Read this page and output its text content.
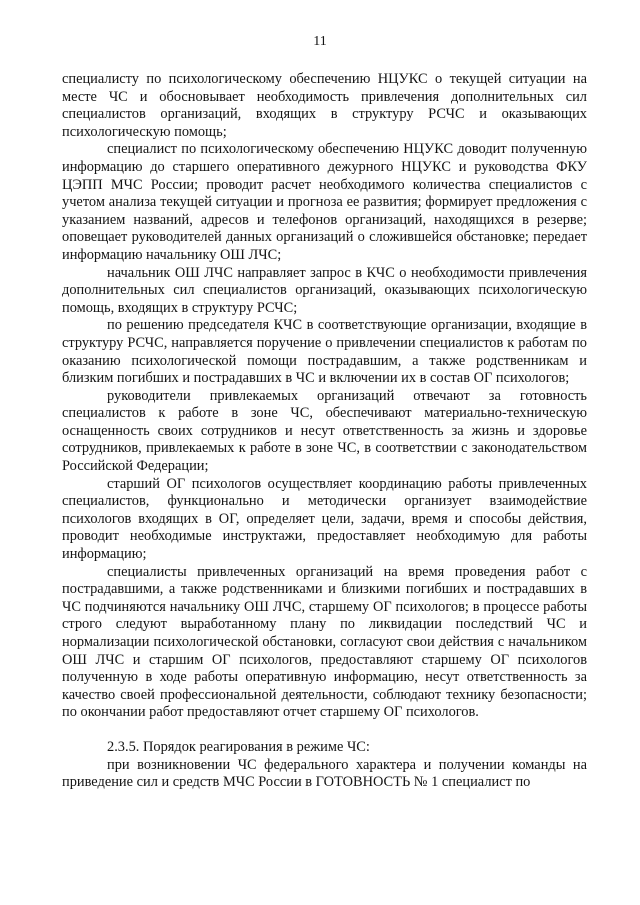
11

специалисту по психологическому обеспечению НЦУКС о текущей ситуации на месте ЧС и обосновывает необходимость привлечения дополнительных сил специалистов организаций, входящих в структуру РСЧС и оказывающих психологическую помощь;

специалист по психологическому обеспечению НЦУКС доводит полученную информацию до старшего оперативного дежурного НЦУКС и руководства ФКУ ЦЭПП МЧС России; проводит расчет необходимого количества специалистов с учетом анализа текущей ситуации и прогноза ее развития; формирует предложения с указанием названий, адресов и телефонов организаций, находящихся в резерве; оповещает руководителей данных организаций о сложившейся обстановке; передает информацию начальнику ОШ ЛЧС;

начальник ОШ ЛЧС направляет запрос в КЧС о необходимости привлечения дополнительных сил специалистов организаций, оказывающих психологическую помощь, входящих в структуру РСЧС;

по решению председателя КЧС в соответствующие организации, входящие в структуру РСЧС, направляется поручение о привлечении специалистов к работам по оказанию психологической помощи пострадавшим, а также родственникам и близким погибших и пострадавших в ЧС и включении их в состав ОГ психологов;

руководители привлекаемых организаций отвечают за готовность специалистов к работе в зоне ЧС, обеспечивают материально-техническую оснащенность своих сотрудников и несут ответственность за жизнь и здоровье сотрудников, привлекаемых к работе в зоне ЧС, в соответствии с законодательством Российской Федерации;

старший ОГ психологов осуществляет координацию работы привлеченных специалистов, функционально и методически организует взаимодействие психологов входящих в ОГ, определяет цели, задачи, время и способы действия, проводит необходимые инструктажи, предоставляет необходимую для работы информацию;

специалисты привлеченных организаций на время проведения работ с пострадавшими, а также родственниками и близкими погибших и пострадавших в ЧС подчиняются начальнику ОШ ЛЧС, старшему ОГ психологов; в процессе работы строго следуют выработанному плану по ликвидации последствий ЧС и нормализации психологической обстановки, согласуют свои действия с начальником ОШ ЛЧС и старшим ОГ психологов, предоставляют старшему ОГ психологов полученную в ходе работы оперативную информацию, несут ответственность за качество своей профессиональной деятельности, соблюдают технику безопасности; по окончании работ предоставляют отчет старшему ОГ психологов.

2.3.5. Порядок реагирования в режиме ЧС:

при возникновении ЧС федерального характера и получении команды на приведение сил и средств МЧС России в ГОТОВНОСТЬ № 1 специалист по
